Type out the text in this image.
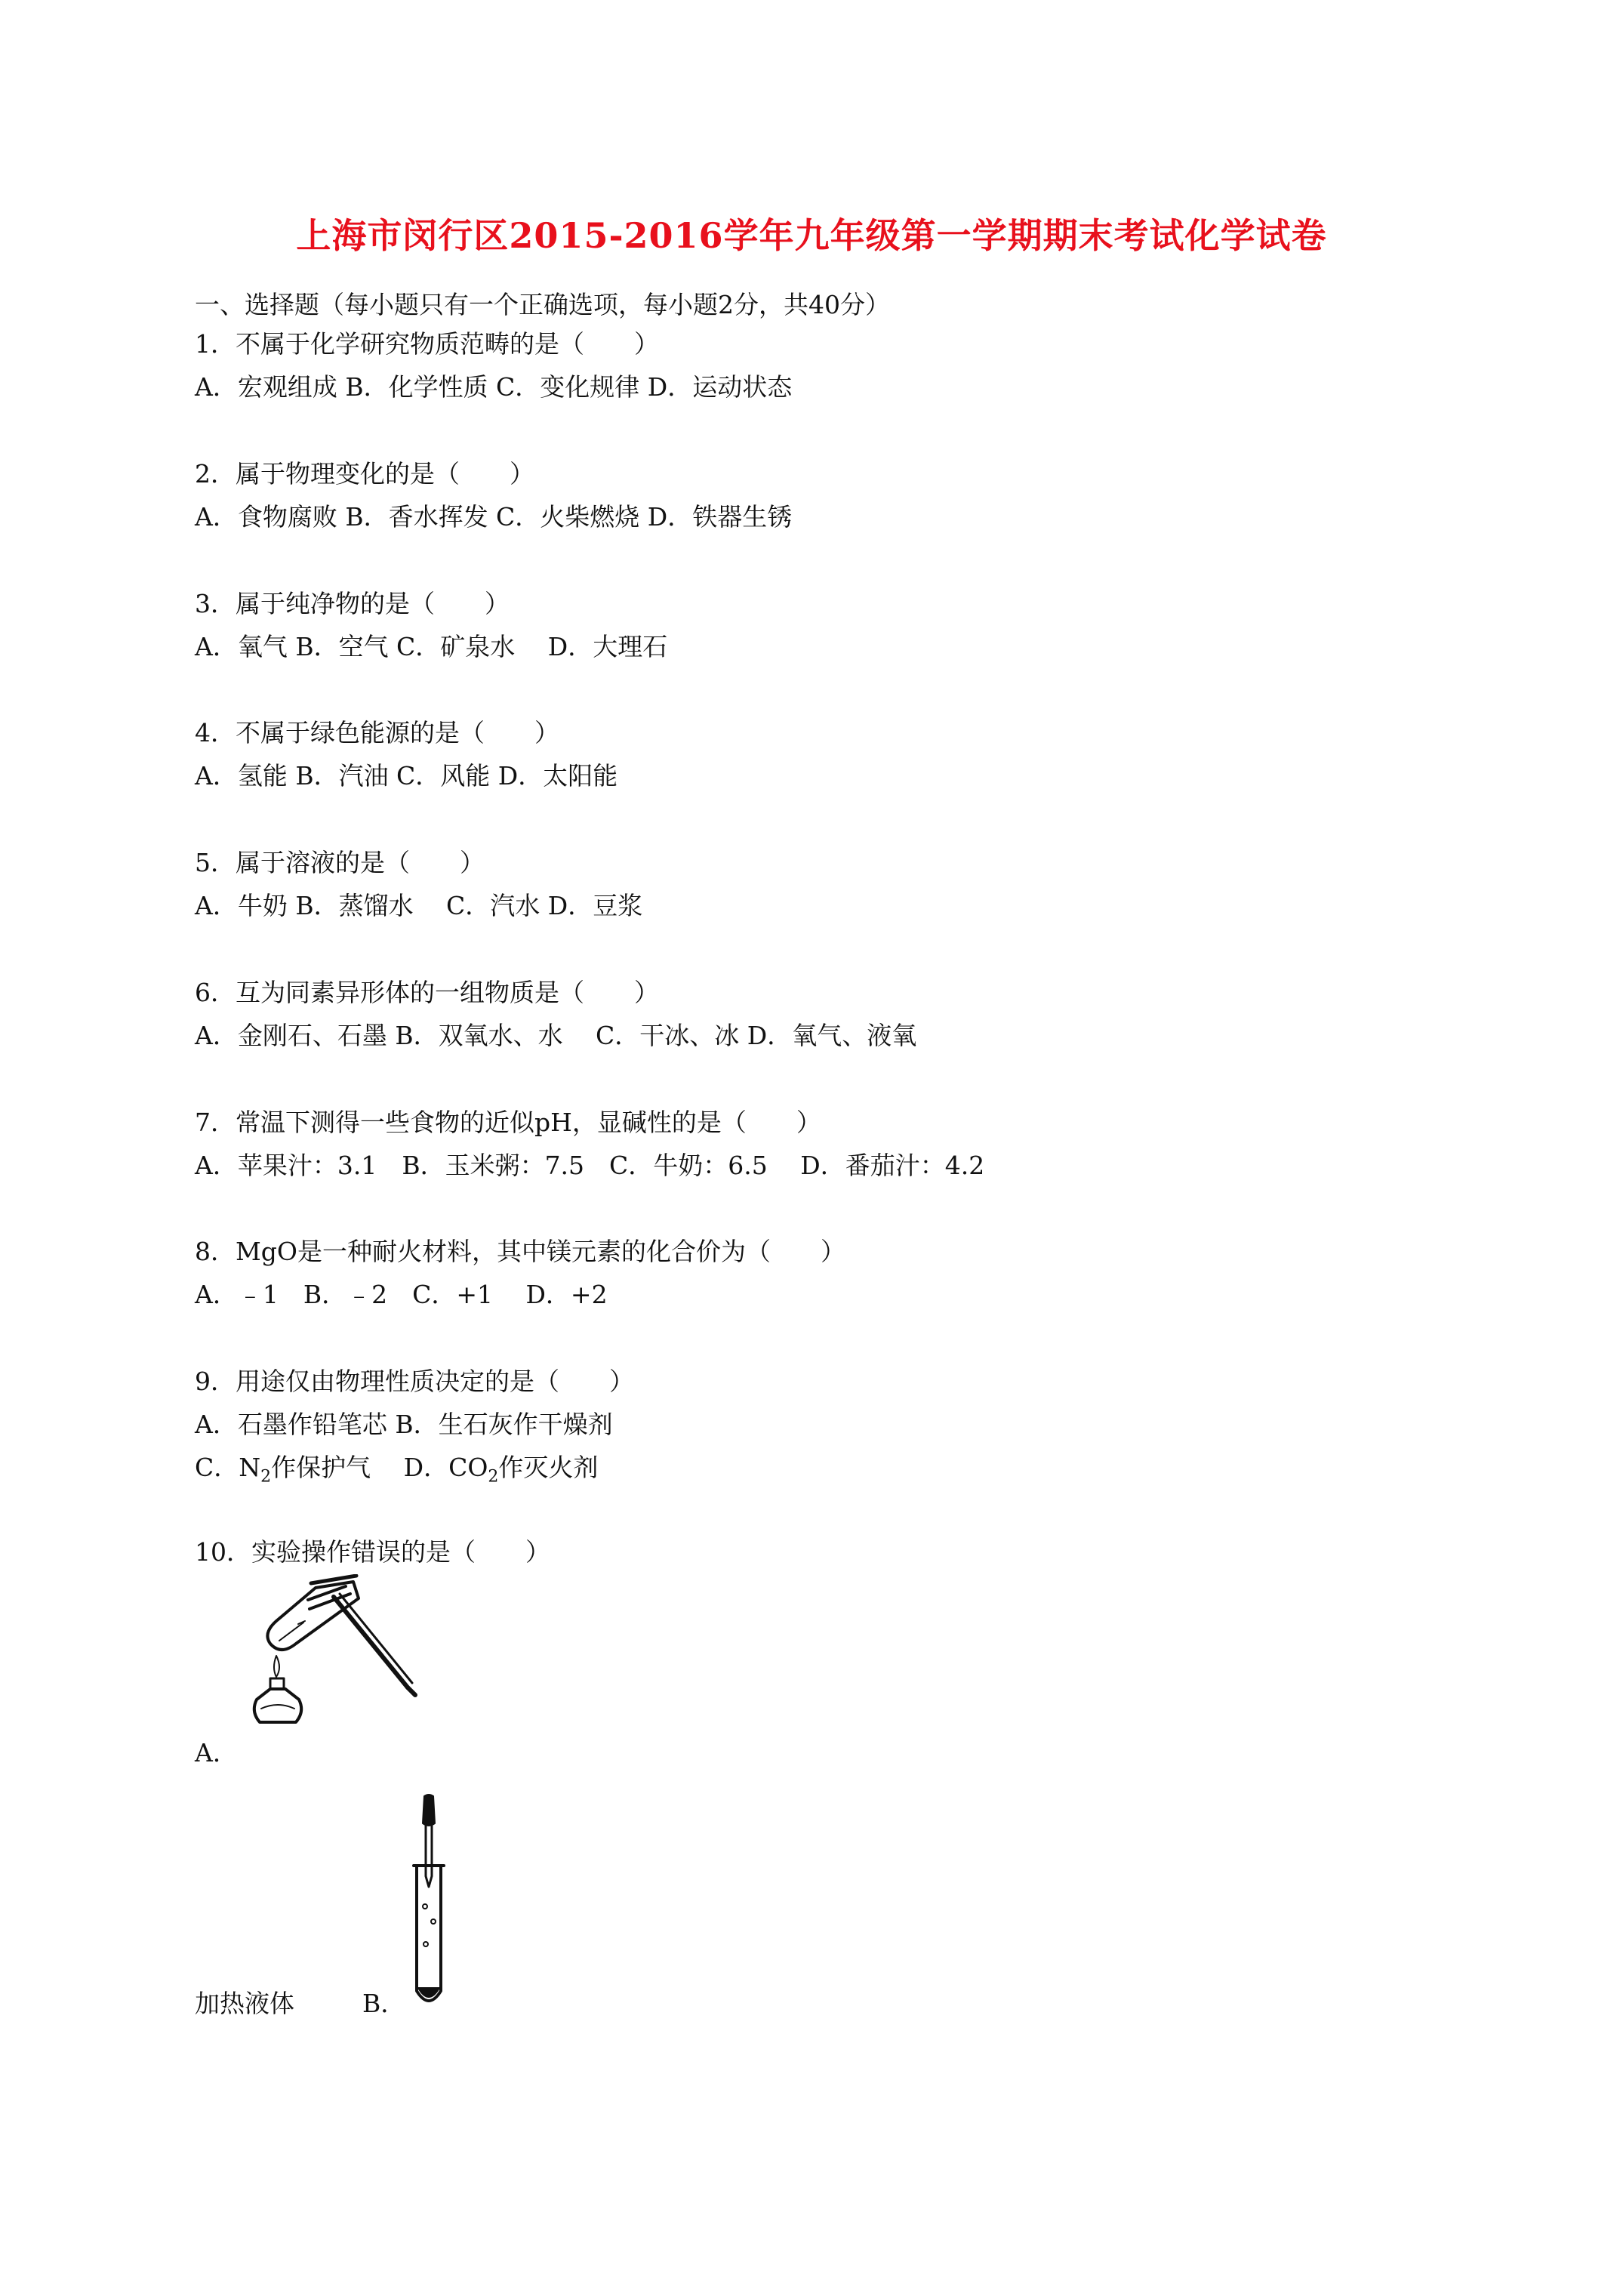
上海市闵行区2015-2016学年九年级第一学期期末考试化学试卷
一、选择题（每小题只有一个正确选项，每小题2分，共40分）
1．不属于化学研究物质范畴的是（　　）
A．宏观组成 B．化学性质 C．变化规律 D．运动状态
2．属于物理变化的是（　　）
A．食物腐败 B．香水挥发 C．火柴燃烧 D．铁器生锈
3．属于纯净物的是（　　）
A．氧气 B．空气 C．矿泉水　 D．大理石
4．不属于绿色能源的是（　　）
A．氢能 B．汽油 C．风能 D．太阳能
5．属于溶液的是（　　）
A．牛奶 B．蒸馏水　 C．汽水 D．豆浆
6．互为同素异形体的一组物质是（　　）
A．金刚石、石墨 B．双氧水、水　 C．干冰、冰 D．氧气、液氧
7．常温下测得一些食物的近似pH，显碱性的是（　　）
A．苹果汁：3.1　B．玉米粥：7.5　C．牛奶：6.5　 D．番茄汁：4.2
8．MgO是一种耐火材料，其中镁元素的化合价为（　　）
A．﹣1　B．﹣2　C．+1　 D．+2
9．用途仅由物理性质决定的是（　　）
A．石墨作铅笔芯 B．生石灰作干燥剂
C．$N_2$作保护气　 D．$CO_2$作灭火剂
10．实验操作错误的是（　　）
A．
加热液体	B．
